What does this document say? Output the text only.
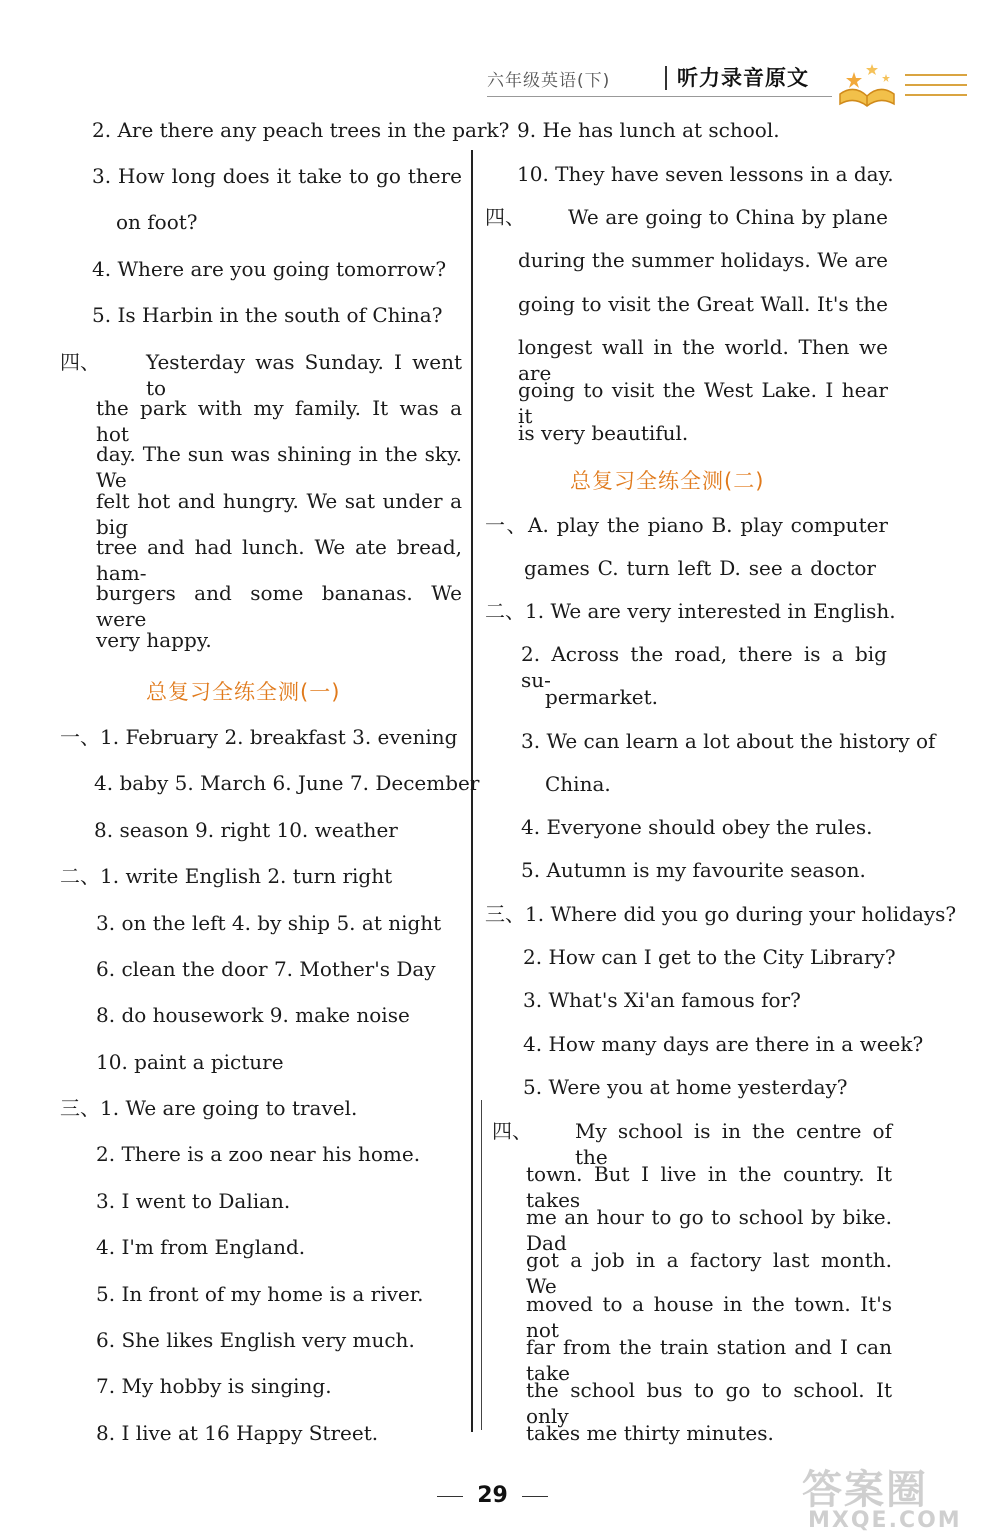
六年级英语(下)	听力录音原文
2. Are there any peach trees in the park?
3. How long does it take to go there
on foot?
4. Where are you going tomorrow?
5. Is Harbin in the south of China?
四、 Yesterday was Sunday. I went to
the park with my family. It was a hot
day. The sun was shining in the sky. We
felt hot and hungry. We sat under a big
tree and had lunch. We ate bread, ham-
burgers and some bananas. We were
very happy.
总复习全练全测(一)
一、1. February 2. breakfast 3. evening
4. baby 5. March 6. June 7. December
8. season 9. right 10. weather
二、1. write English 2. turn right
3. on the left 4. by ship 5. at night
6. clean the door 7. Mother's Day
8. do housework 9. make noise
10. paint a picture
三、1. We are going to travel.
2. There is a zoo near his home.
3. I went to Dalian.
4. I'm from England.
5. In front of my home is a river.
6. She likes English very much.
7. My hobby is singing.
8. I live at 16 Happy Street.
9. He has lunch at school.
10. They have seven lessons in a day.
四、 We are going to China by plane
during the summer holidays. We are
going to visit the Great Wall. It's the
longest wall in the world. Then we are
going to visit the West Lake. I hear it
is very beautiful.
总复习全练全测(二)
一、A. play the piano B. play computer
games C. turn left D. see a doctor
二、1. We are very interested in English.
2. Across the road, there is a big su-
permarket.
3. We can learn a lot about the history of
China.
4. Everyone should obey the rules.
5. Autumn is my favourite season.
三、1. Where did you go during your holidays?
2. How can I get to the City Library?
3. What's Xi'an famous for?
4. How many days are there in a week?
5. Were you at home yesterday?
四、 My school is in the centre of the
town. But I live in the country. It takes
me an hour to go to school by bike. Dad
got a job in a factory last month. We
moved to a house in the town. It's not
far from the train station and I can take
the school bus to go to school. It only
takes me thirty minutes.
29	答案圈
MXQE.COM
